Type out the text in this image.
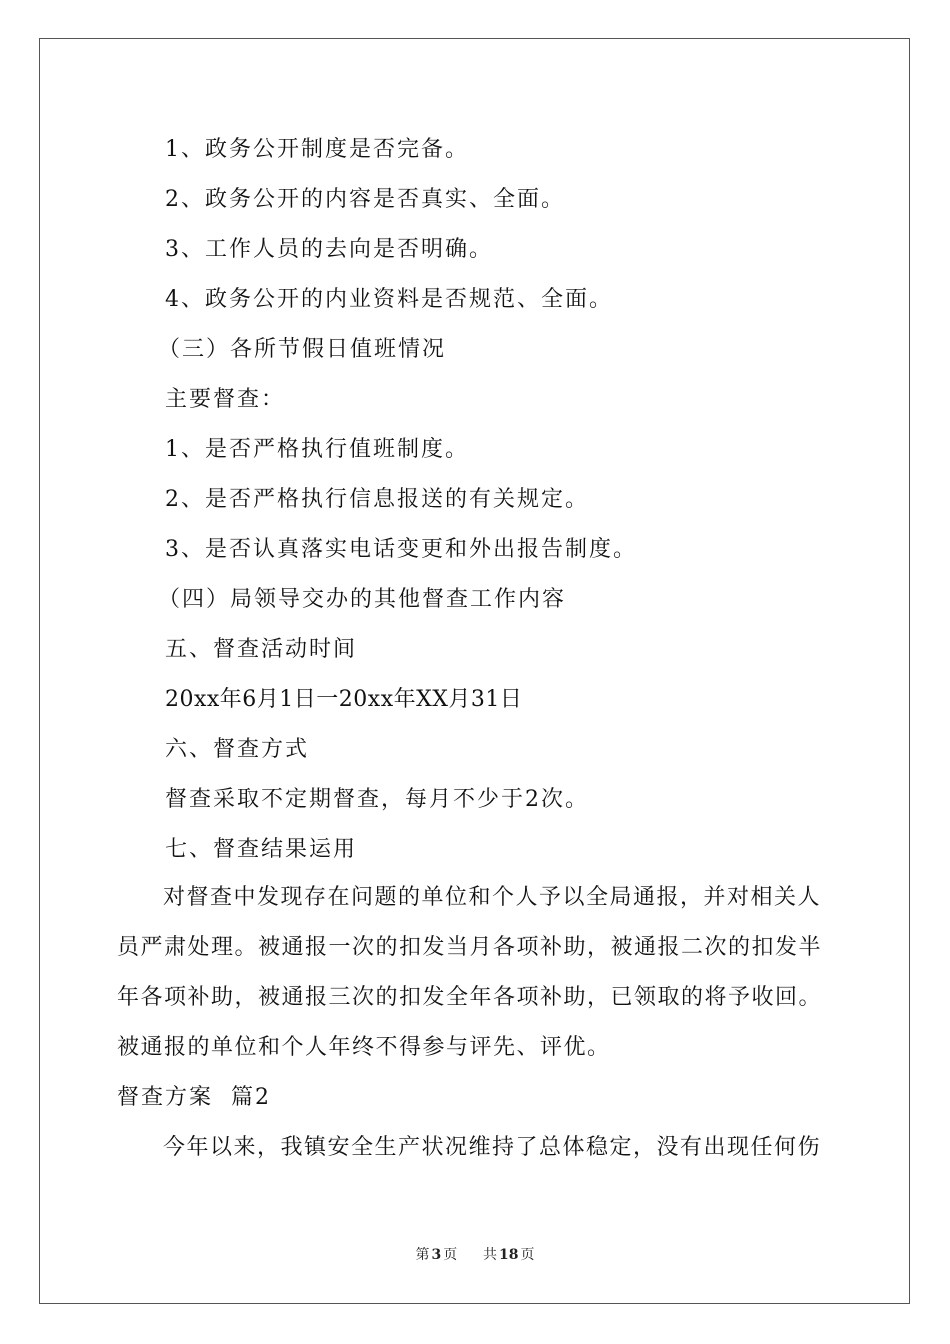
1、政务公开制度是否完备。
2、政务公开的内容是否真实、全面。
3、工作人员的去向是否明确。
4、政务公开的内业资料是否规范、全面。
（三）各所节假日值班情况
主要督查：
1、是否严格执行值班制度。
2、是否严格执行信息报送的有关规定。
3、是否认真落实电话变更和外出报告制度。
（四）局领导交办的其他督查工作内容
五、督查活动时间
20xx年6月1日一20xx年XX月31日
六、督查方式
督查采取不定期督查，每月不少于2次。
七、督查结果运用
对督查中发现存在问题的单位和个人予以全局通报，并对相关人
员严肃处理。被通报一次的扣发当月各项补助，被通报二次的扣发半
年各项补助，被通报三次的扣发全年各项补助，已领取的将予收回。
被通报的单位和个人年终不得参与评先、评优。
督查方案  篇2
今年以来，我镇安全生产状况维持了总体稳定，没有出现任何伤
第 3 页 共 18 页
